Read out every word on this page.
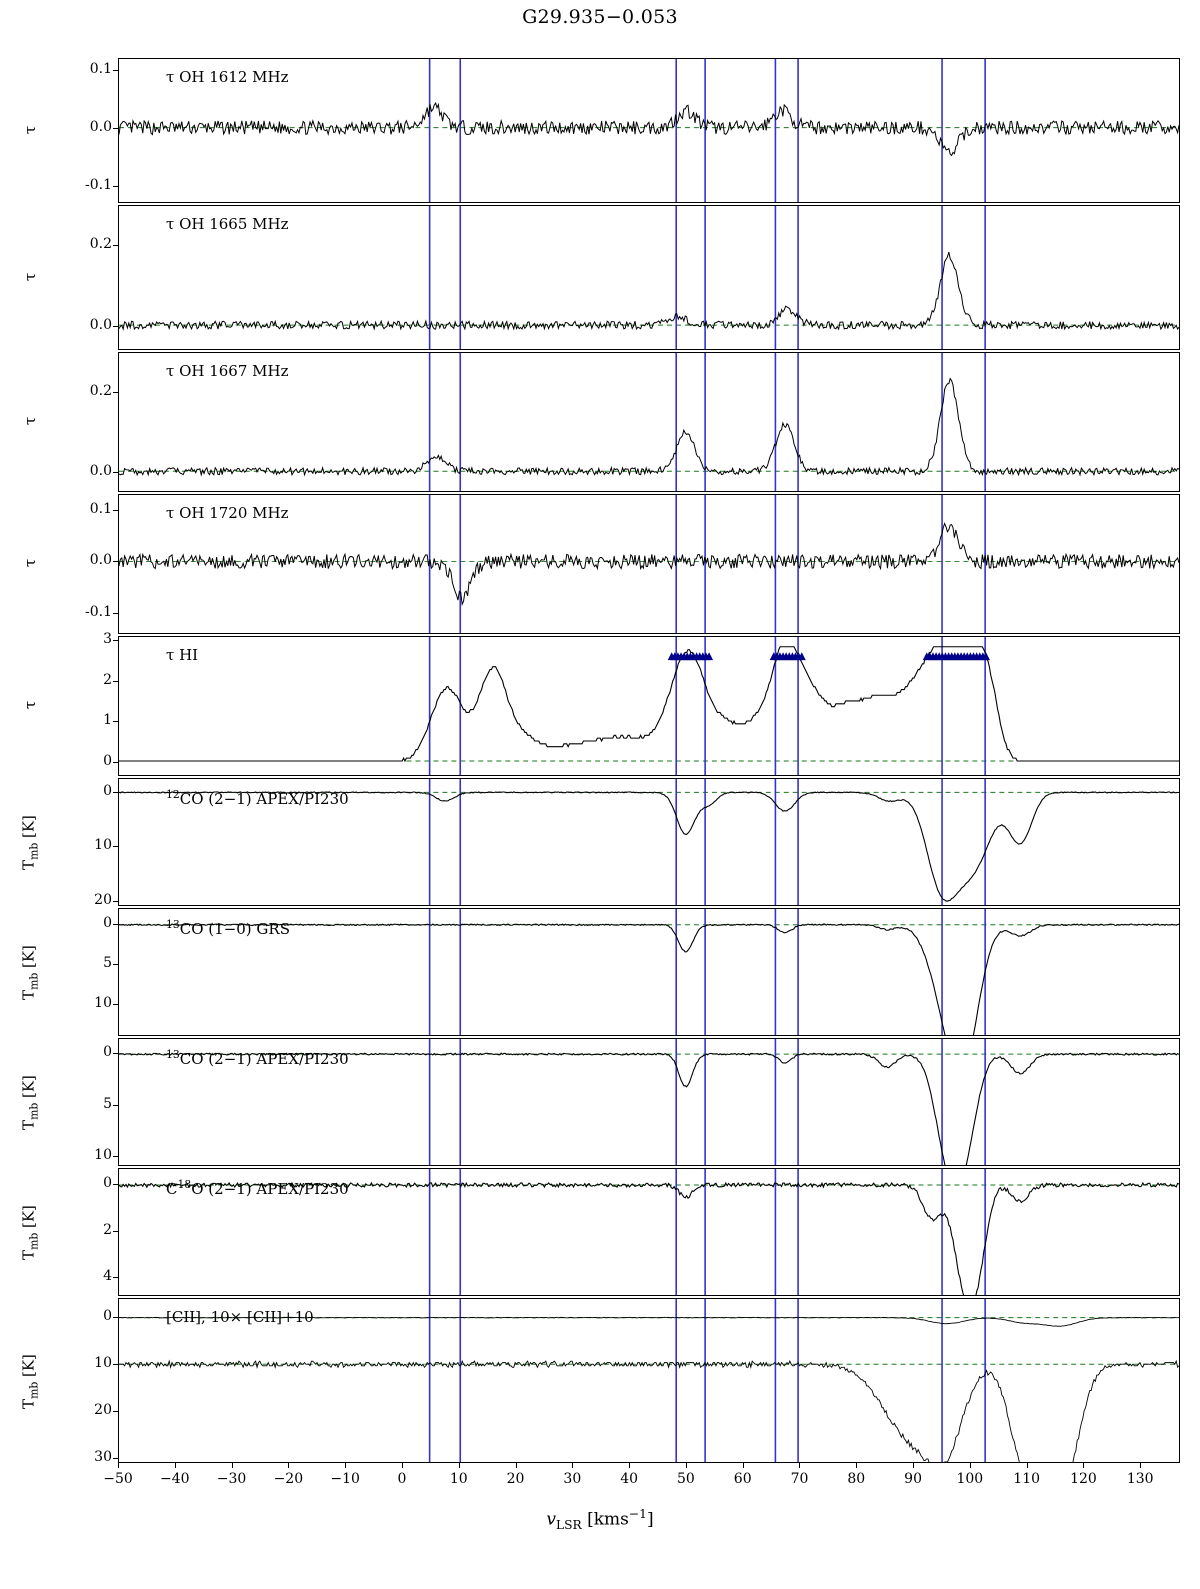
G29.935−0.053
$v_{LSR}$ [kms$^{-1}$]
τ OH 1612 MHz
τ
-0.1
0.0
0.1
τ OH 1665 MHz
τ
0.0
0.2
τ OH 1667 MHz
τ
0.0
0.2
τ OH 1720 MHz
τ
-0.1
0.0
0.1
τ HI
τ
0
1
2
3
$^{12}$CO (2−1) APEX/PI230
$T_{mb}$ [K]
0
10
20
$^{13}$CO (1−0) GRS
$T_{mb}$ [K]
0
5
10
$^{13}$CO (2−1) APEX/PI230
$T_{mb}$ [K]
0
5
10
$C^{18}O$ (2−1) APEX/PI230
$T_{mb}$ [K]
0
2
4
[CII], 10× [CII]+10
$T_{mb}$ [K]
0
10
20
30
−50	−40	−30	−20	−10	0	10	20	30	40	50	60	70	80	90	100	110	120	130
